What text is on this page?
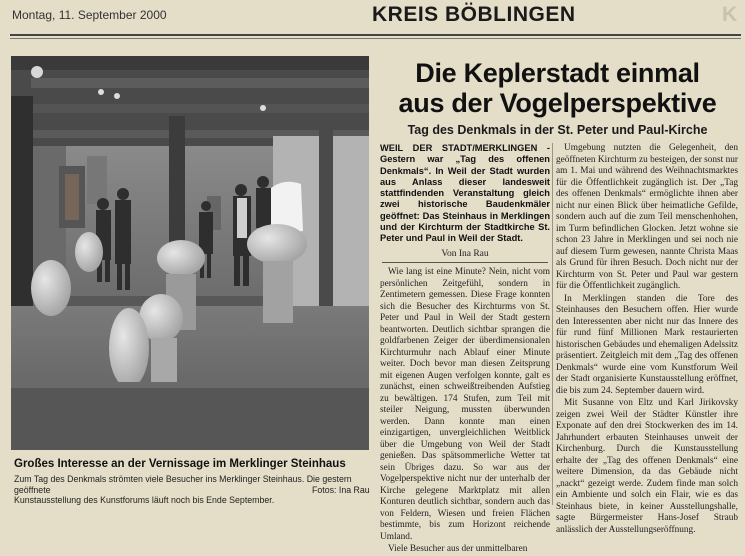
Montag, 11. September 2000	KREIS BÖBLINGEN	K
Großes Interesse an der Vernissage im Merklinger Steinhaus
Zum Tag des Denkmals strömten viele Besucher ins Merklinger Steinhaus. Die gestern geöffnete
Kunstausstellung des Kunstforums läuft noch bis Ende September.
Fotos: Ina Rau
Die Keplerstadt einmal
aus der Vogelperspektive
Tag des Denkmals in der St. Peter und Paul-Kirche
WEIL DER STADT/MERKLINGEN - Gestern war „Tag des offenen Denkmals“. In Weil der Stadt wurden aus Anlass dieser landesweit stattfindenden Veranstaltung gleich zwei historische Baudenkmäler geöffnet: Das Steinhaus in Merklingen und der Kirchturm der Stadtkirche St. Peter und Paul in Weil der Stadt.
Von Ina Rau

Wie lang ist eine Minute? Nein, nicht vom persönlichen Zeitgefühl, sondern in Zentimetern gemessen. Diese Frage konnten sich die Besucher des Kirchturms von St. Peter und Paul in Weil der Stadt gestern beantworten. Deutlich sichtbar sprangen die goldfarbenen Zeiger der überdimensionalen Kirchturmuhr nach Ablauf einer Minute weiter. Doch bevor man diesen Zeitsprung mit eigenen Augen verfolgen konnte, galt es zunächst, einen schweißtreibenden Aufstieg zu bewältigen. 174 Stufen, zum Teil mit steiler Neigung, mussten überwunden werden. Dann konnte man einen einzigartigen, unvergleichlichen Weitblick über die Umgebung von Weil der Stadt genießen. Das spätsommerliche Wetter tat sein Übriges dazu. So war aus der Vogelperspektive nicht nur der unterhalb der Kirche gelegene Marktplatz mit allen Konturen deutlich sichtbar, sondern auch das von Feldern, Wiesen und freien Flächen bestimmte, bis zum Horizont reichende Umland.

Viele Besucher aus der unmittelbaren

Umgebung nutzten die Gelegenheit, den geöffneten Kirchturm zu besteigen, der sonst nur am 1. Mai und während des Weihnachtsmarktes für die Öffentlichkeit zugänglich ist. Der „Tag des offenen Denkmals“ ermöglichte ihnen aber nicht nur einen Blick über heimatliche Gefilde, sondern auch auf die zum Teil menschenhohen, im Turm befindlichen Glocken. Jetzt wohne sie schon 23 Jahre in Merklingen und sei noch nie auf diesem Turm gewesen, nannte Christa Maas als Grund für ihren Besuch. Doch nicht nur der Kirchturm von St. Peter und Paul war gestern für die Öffentlichkeit zugänglich.

In Merklingen standen die Tore des Steinhauses den Besuchern offen. Hier wurde den Interessenten aber nicht nur das Innere des für rund fünf Millionen Mark restaurierten historischen Gebäudes und ehemaligen Adelssitz präsentiert. Zeitgleich mit dem „Tag des offenen Denkmals“ wurde eine vom Kunstforum Weil der Stadt organisierte Kunstausstellung eröffnet, die bis zum 24. September dauern wird.

Mit Susanne von Eltz und Karl Jirikovsky zeigen zwei Weil der Städter Künstler ihre Exponate auf den drei Stockwerken des im 14. Jahrhundert erbauten Steinhauses unweit der Kirchenburg. Durch die Kunstausstellung erhalte der „Tag des offenen Denkmals“ eine weitere Dimension, da das Gebäude nicht „nackt“ gezeigt werde. Zudem finde man solch ein Ambiente und solch ein Flair, wie es das Steinhaus biete, in keiner Ausstellungshalle, sagte Bürgermeister Hans-Josef Straub anlässlich der Ausstellungseröffnung.
